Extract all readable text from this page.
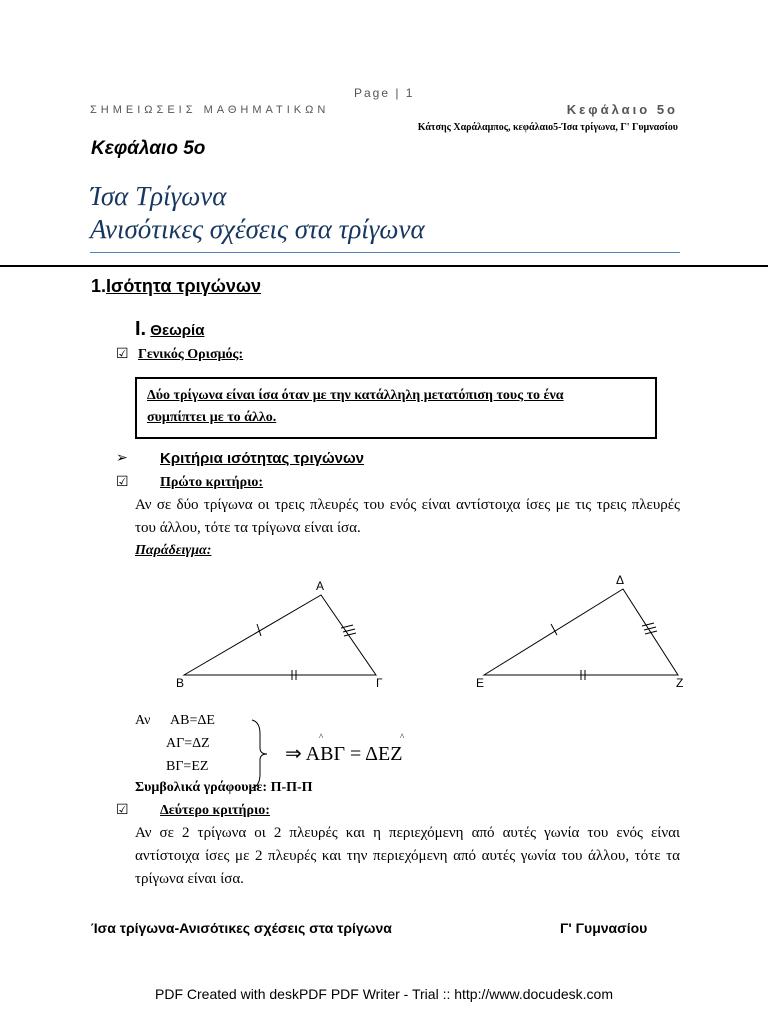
Page | 1
ΣΗΜΕΙΩΣΕΙΣ ΜΑΘΗΜΑΤΙΚΩΝ	Κεφάλαιο 5ο
Κάτσης Χαράλαμπος, κεφάλαιο5-Ίσα τρίγωνα, Γ' Γυμνασίου
Κεφάλαιο 5ο
Ίσα Τρίγωνα
Ανισότικες σχέσεις στα τρίγωνα
1.Ισότητα τριγώνων
Ι. Θεωρία
☑ Γενικός Ορισμός:
Δύο τρίγωνα είναι ίσα όταν με την κατάλληλη μετατόπιση τους το ένα
συμπίπτει με το άλλο.
➢ Κριτήρια ισότητας τριγώνων
☑ Πρώτο κριτήριο:
Αν σε δύο τρίγωνα οι τρεις πλευρές του ενός είναι αντίστοιχα ίσες με τις τρεις πλευρές του άλλου, τότε τα τρίγωνα είναι ίσα.
Παράδειγμα:
Α
Β	Γ
Δ
Ε	Ζ
Αν ΑΒ=ΔΕ
ΑΓ=ΔΖ
ΒΓ=ΕΖ
⇒ ΑΒΓ = ΔΕΖ
^	^
Συμβολικά γράφουμε: Π-Π-Π
☑ Δεύτερο κριτήριο:
Αν σε 2 τρίγωνα οι 2 πλευρές και η περιεχόμενη από αυτές γωνία του ενός είναι αντίστοιχα ίσες με 2 πλευρές και την περιεχόμενη από αυτές γωνία του άλλου, τότε τα τρίγωνα είναι ίσα.
Ίσα τρίγωνα-Ανισότικες σχέσεις στα τρίγωνα	Γ' Γυμνασίου
PDF Created with deskPDF PDF Writer - Trial :: http://www.docudesk.com
